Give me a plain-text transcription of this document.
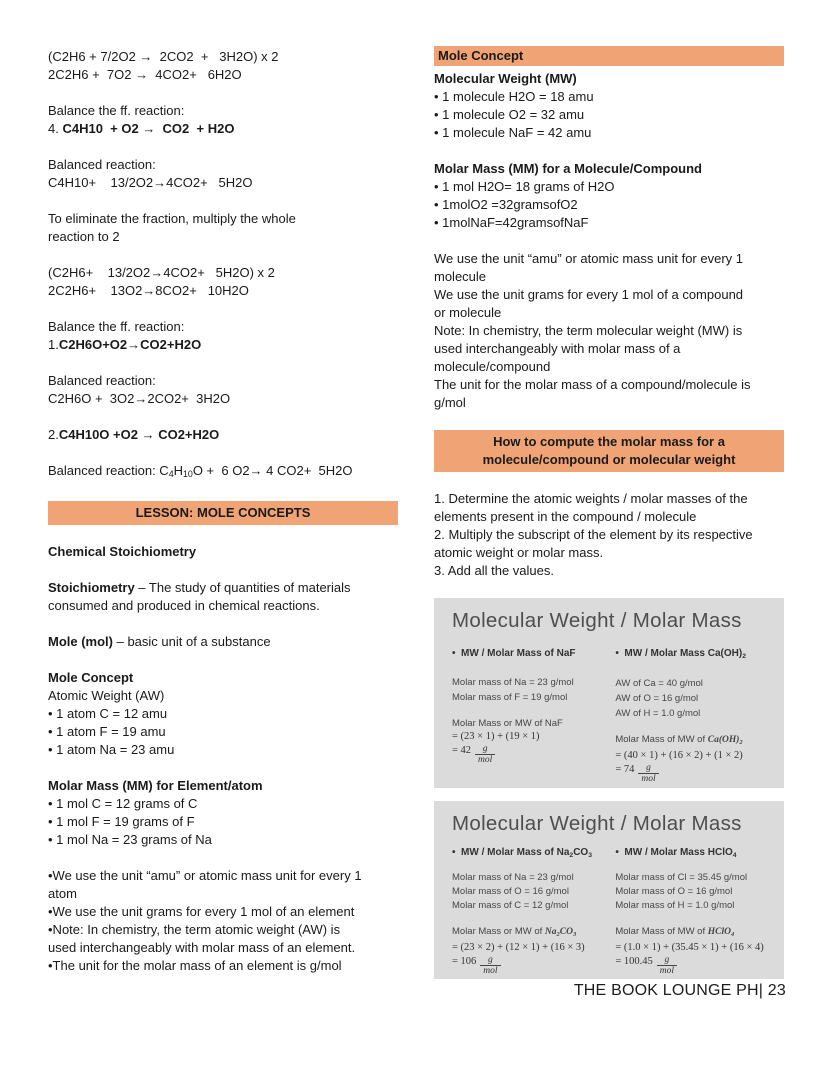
(C2H6 + 7/2O2 →  2CO2  +   3H2O) x 2
2C2H6 +  7O2 →  4CO2+   6H2O
Balance the ff. reaction:
4. C4H10  + O2 →  CO2  + H2O
Balanced reaction:
C4H10+    13/2O2→4CO2+   5H2O
To eliminate the fraction, multiply the whole
reaction to 2
(C2H6+    13/2O2→4CO2+   5H2O) x 2
2C2H6+    13O2→8CO2+   10H2O
Balance the ff. reaction:
1.C2H6O+O2→CO2+H2O
Balanced reaction:
C2H6O +  3O2→2CO2+  3H2O
2.C4H10O +O2 → CO2+H2O
Balanced reaction: $C_4H_{10}O + 6$ O2→ 4 CO2+  5H2O
LESSON: MOLE CONCEPTS
Chemical Stoichiometry
Stoichiometry – The study of quantities of materials
consumed and produced in chemical reactions.
Mole (mol) – basic unit of a substance
Mole Concept
Atomic Weight (AW)
• 1 atom C = 12 amu
• 1 atom F = 19 amu
• 1 atom Na = 23 amu
Molar Mass (MM) for Element/atom
• 1 mol C = 12 grams of C
• 1 mol F = 19 grams of F
• 1 mol Na = 23 grams of Na
•We use the unit “amu” or atomic mass unit for every 1
atom
•We use the unit grams for every 1 mol of an element
•Note: In chemistry, the term atomic weight (AW) is
used interchangeably with molar mass of an element.
•The unit for the molar mass of an element is g/mol
Mole Concept
Molecular Weight (MW)
• 1 molecule H2O = 18 amu
• 1 molecule O2 = 32 amu
• 1 molecule NaF = 42 amu
Molar Mass (MM) for a Molecule/Compound
• 1 mol H2O= 18 grams of H2O
• 1molO2 =32gramsofO2
• 1molNaF=42gramsofNaF
We use the unit “amu” or atomic mass unit for every 1
molecule
We use the unit grams for every 1 mol of a compound
or molecule
Note: In chemistry, the term molecular weight (MW) is
used interchangeably with molar mass of a
molecule/compound
The unit for the molar mass of a compound/molecule is
g/mol
How to compute the molar mass for a
molecule/compound or molecular weight
1. Determine the atomic weights / molar masses of the
elements present in the compound / molecule
2. Multiply the subscript of the element by its respective
atomic weight or molar mass.
3. Add all the values.
Molecular Weight / Molar Mass
•  MW / Molar Mass of NaF
Molar mass of Na = 23 g/mol
Molar mass of F = 19 g/mol
Molar Mass or MW of NaF
= (23 × 1) + (19 × 1)
= $42 \frac{g}{\text{mol}}$
•  MW / Molar Mass $Ca(OH)_2$
AW of Ca = 40 g/mol
AW of O = 16 g/mol
AW of H = 1.0 g/mol
Molar Mass of MW of $Ca(OH)_2$
= (40 × 1) + (16 × 2) + (1 × 2)
= $74 \frac{g}{\text{mol}}$
Molecular Weight / Molar Mass
•  MW / Molar Mass of $Na_2CO_3$
Molar mass of Na = 23 g/mol
Molar mass of O = 16 g/mol
Molar mass of C = 12 g/mol
Molar Mass or MW of $Na_2CO_3$
= (23 × 2) + (12 × 1) + (16 × 3)
= $106 \frac{g}{\text{mol}}$
•  MW / Molar Mass HClO$_4$
Molar mass of Cl = 35.45 g/mol
Molar mass of O = 16 g/mol
Molar mass of H = 1.0 g/mol
Molar Mass of MW of HClO$_4$
= (1.0 × 1) + (35.45 × 1) + (16 × 4)
= $100.45 \frac{g}{\text{mol}}$
THE BOOK LOUNGE PH| 23
